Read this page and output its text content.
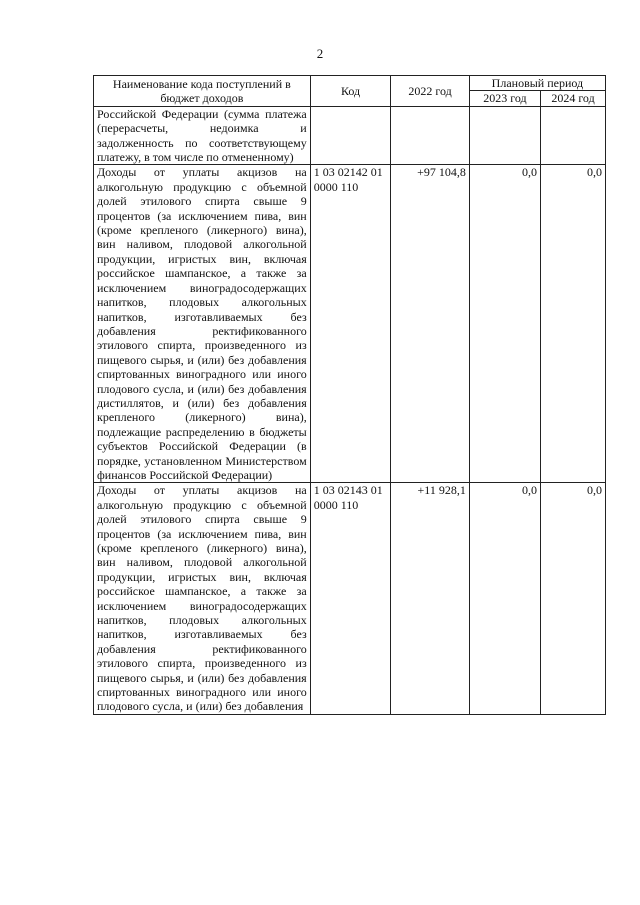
2
Наименование кода поступлений в бюджет доходов	Код	2022 год	Плановый период	
			2023 год	2024 год
Российской Федерации (сумма платежа (перерасчеты, недоимка и задолженность по соответствующему платежу, в том числе по отмененному)				
Доходы от уплаты акцизов на алкогольную продукцию с объемной долей этилового спирта свыше 9 процентов (за исключением пива, вин (кроме крепленого (ликерного) вина), вин наливом, плодовой алкогольной продукции, игристых вин, включая российское шампанское, а также за исключением виноградосодержащих напитков, плодовых алкогольных напитков, изготавливаемых без добавления ректификованного этилового спирта, произведенного из пищевого сырья, и (или) без добавления спиртованных виноградного или иного плодового сусла, и (или) без добавления дистиллятов, и (или) без добавления крепленого (ликерного) вина), подлежащие распределению в бюджеты субъектов Российской Федерации (в порядке, установленном Министерством финансов Российской Федерации)	1 03 02142 01 0000 110	+97 104,8	0,0	0,0
Доходы от уплаты акцизов на алкогольную продукцию с объемной долей этилового спирта свыше 9 процентов (за исключением пива, вин (кроме крепленого (ликерного) вина), вин наливом, плодовой алкогольной продукции, игристых вин, включая российское шампанское, а также за исключением виноградосодержащих напитков, плодовых алкогольных напитков, изготавливаемых без добавления ректификованного этилового спирта, произведенного из пищевого сырья, и (или) без добавления спиртованных виноградного или иного плодового сусла, и (или) без добавления	1 03 02143 01 0000 110	+11 928,1	0,0	0,0
